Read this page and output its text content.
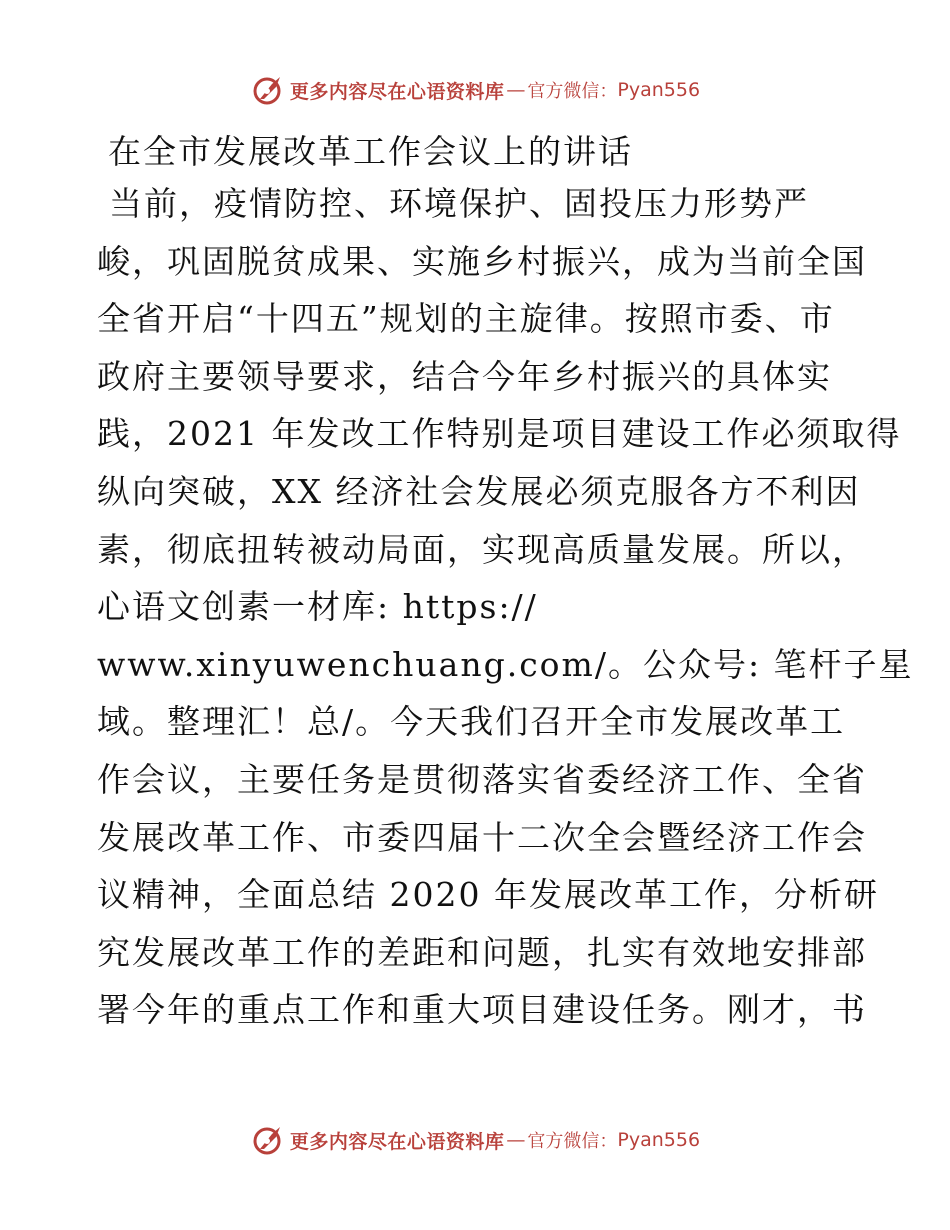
更多内容尽在心语资料库 — 官方微信： Pyan556
在全市发展改革工作会议上的讲话
当前，疫情防控、环境保护、固投压力形势严
峻，巩固脱贫成果、实施乡村振兴，成为当前全国
全省开启“十四五”规划的主旋律。按照市委、市
政府主要领导要求，结合今年乡村振兴的具体实
践，2021 年发改工作特别是项目建设工作必须取得
纵向突破，XX 经济社会发展必须克服各方不利因
素，彻底扭转被动局面，实现高质量发展。所以，
心语文创素一材库: https://
www.xinyuwenchuang.com/。公众号: 笔杆子星
域。整理汇！总/。今天我们召开全市发展改革工
作会议，主要任务是贯彻落实省委经济工作、全省
发展改革工作、市委四届十二次全会暨经济工作会
议精神，全面总结 2020 年发展改革工作，分析研
究发展改革工作的差距和问题，扎实有效地安排部
署今年的重点工作和重大项目建设任务。刚才，书
更多内容尽在心语资料库 — 官方微信： Pyan556
